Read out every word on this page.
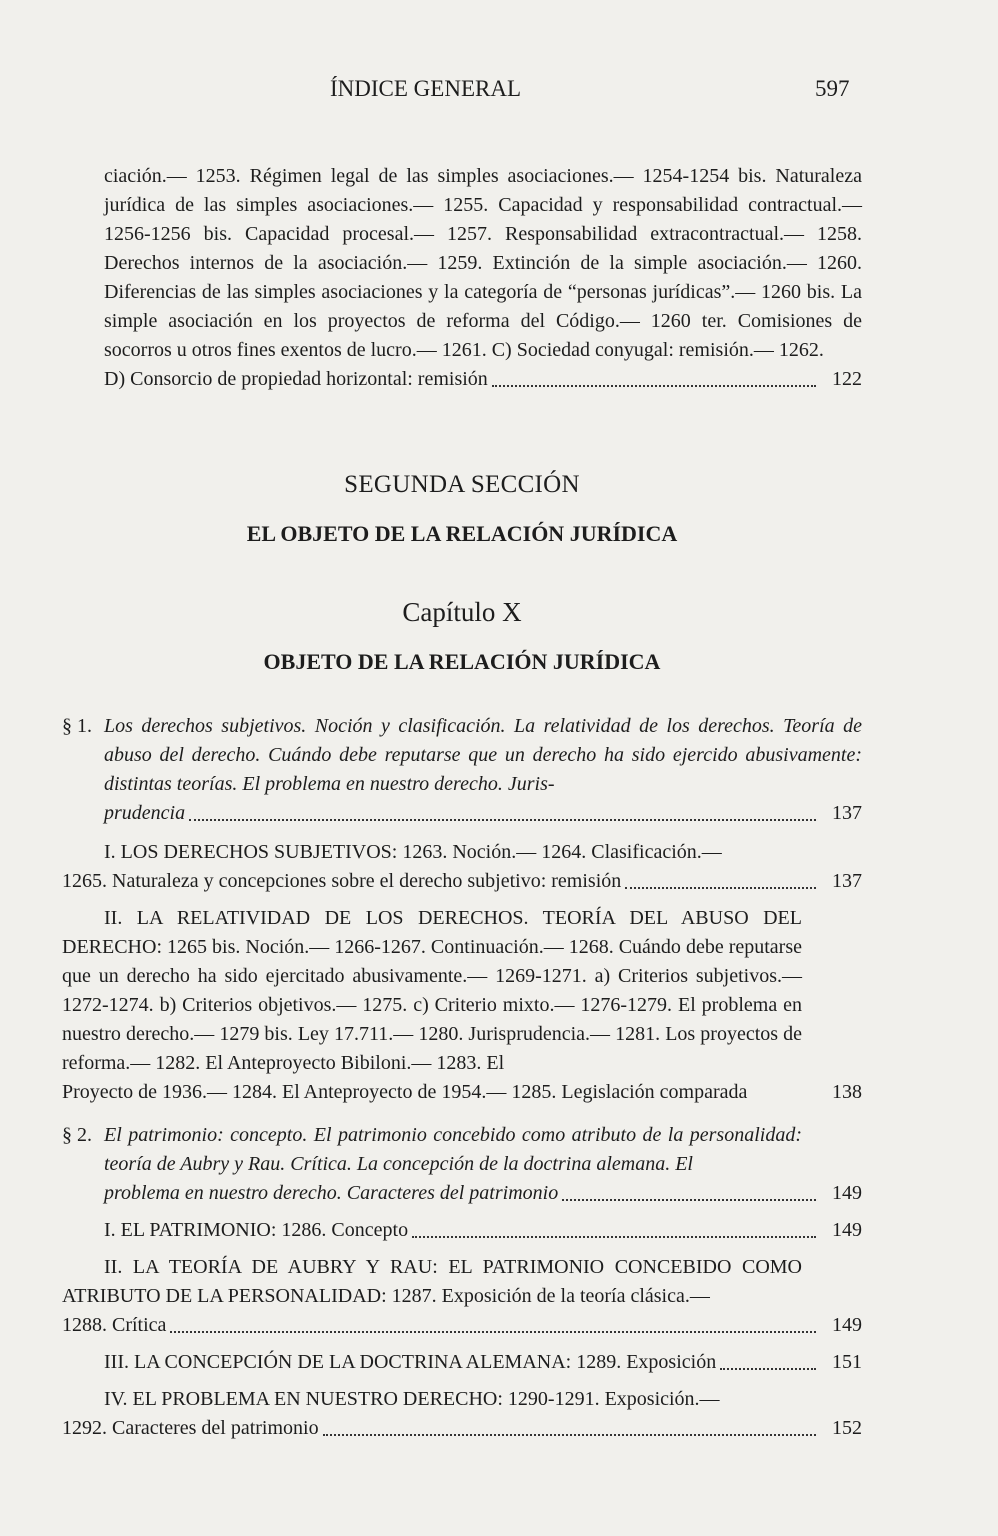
ÍNDICE GENERAL	597

ciación.— 1253. Régimen legal de las simples asociaciones.— 1254-1254 bis. Naturaleza jurídica de las simples asociaciones.— 1255. Capacidad y responsabilidad contractual.— 1256-1256 bis. Capacidad procesal.— 1257. Responsabilidad extracontractual.— 1258. Derechos internos de la asociación.— 1259. Extinción de la simple asociación.— 1260. Diferencias de las simples asociaciones y la categoría de “personas jurídicas”.— 1260 bis. La simple asociación en los proyectos de reforma del Código.— 1260 ter. Comisiones de socorros u otros fines exentos de lucro.— 1261. C) Sociedad conyugal: remisión.— 1262.

D) Consorcio de propiedad horizontal: remisión	122
SEGUNDA SECCIÓN
EL OBJETO DE LA RELACIÓN JURÍDICA
Capítulo X
OBJETO DE LA RELACIÓN JURÍDICA
§ 1. Los derechos subjetivos. Noción y clasificación. La relatividad de los derechos. Teoría de abuso del derecho. Cuándo debe reputarse que un derecho ha sido ejercido abusivamente: distintas teorías. El problema en nuestro derecho. Juris-

prudencia	137

I. LOS DERECHOS SUBJETIVOS: 1263. Noción.— 1264. Clasificación.—

1265. Naturaleza y concepciones sobre el derecho subjetivo: remisión	137

II. LA RELATIVIDAD DE LOS DERECHOS. TEORÍA DEL ABUSO DEL DERECHO: 1265 bis. Noción.— 1266-1267. Continuación.— 1268. Cuándo debe reputarse que un derecho ha sido ejercitado abusivamente.— 1269-1271. a) Criterios subjetivos.— 1272-1274. b) Criterios objetivos.— 1275. c) Criterio mixto.— 1276-1279. El problema en nuestro derecho.— 1279 bis. Ley 17.711.— 1280. Jurisprudencia.— 1281. Los proyectos de reforma.— 1282. El Anteproyecto Bibiloni.— 1283. El

Proyecto de 1936.— 1284. El Anteproyecto de 1954.— 1285. Legislación comparada	138
§ 2. El patrimonio: concepto. El patrimonio concebido como atributo de la personalidad: teoría de Aubry y Rau. Crítica. La concepción de la doctrina alemana. El

problema en nuestro derecho. Caracteres del patrimonio	149
I. EL PATRIMONIO: 1286. Concepto	149

II. LA TEORÍA DE AUBRY Y RAU: EL PATRIMONIO CONCEBIDO COMO ATRIBUTO DE LA PERSONALIDAD: 1287. Exposición de la teoría clásica.—

1288. Crítica	149
III. LA CONCEPCIÓN DE LA DOCTRINA ALEMANA: 1289. Exposición	151

IV. EL PROBLEMA EN NUESTRO DERECHO: 1290-1291. Exposición.—

1292. Caracteres del patrimonio	152
